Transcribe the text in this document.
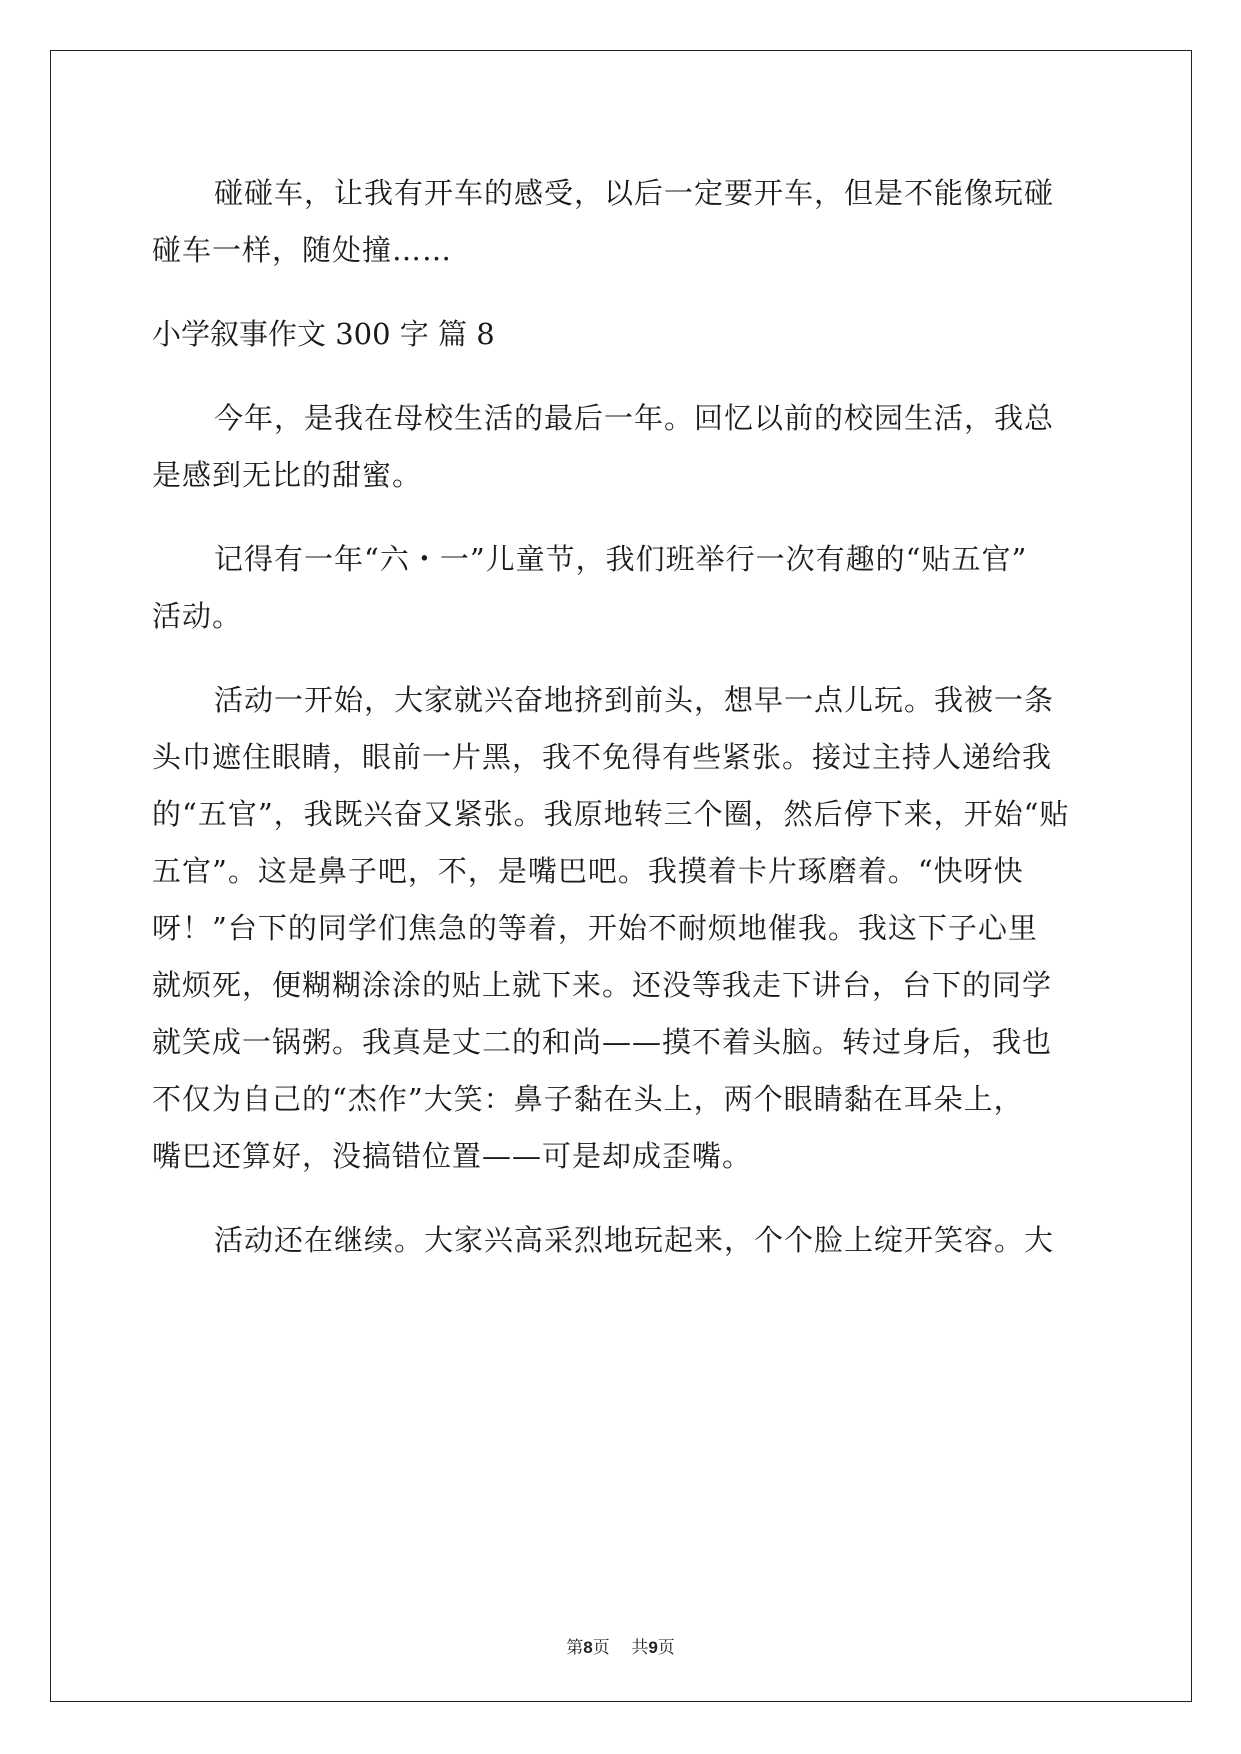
碰碰车，让我有开车的感受，以后一定要开车，但是不能像玩碰
碰车一样，随处撞……
小学叙事作文 300 字 篇 8
今年，是我在母校生活的最后一年。回忆以前的校园生活，我总
是感到无比的甜蜜。
记得有一年“六・一”儿童节，我们班举行一次有趣的“贴五官”
活动。
活动一开始，大家就兴奋地挤到前头，想早一点儿玩。我被一条
头巾遮住眼睛，眼前一片黑，我不免得有些紧张。接过主持人递给我
的“五官”，我既兴奋又紧张。我原地转三个圈，然后停下来，开始“贴
五官”。这是鼻子吧，不，是嘴巴吧。我摸着卡片琢磨着。“快呀快
呀！”台下的同学们焦急的等着，开始不耐烦地催我。我这下子心里
就烦死，便糊糊涂涂的贴上就下来。还没等我走下讲台，台下的同学
就笑成一锅粥。我真是丈二的和尚——摸不着头脑。转过身后，我也
不仅为自己的“杰作”大笑：鼻子黏在头上，两个眼睛黏在耳朵上，
嘴巴还算好，没搞错位置——可是却成歪嘴。
活动还在继续。大家兴高采烈地玩起来，个个脸上绽开笑容。大
第8页 共9页
